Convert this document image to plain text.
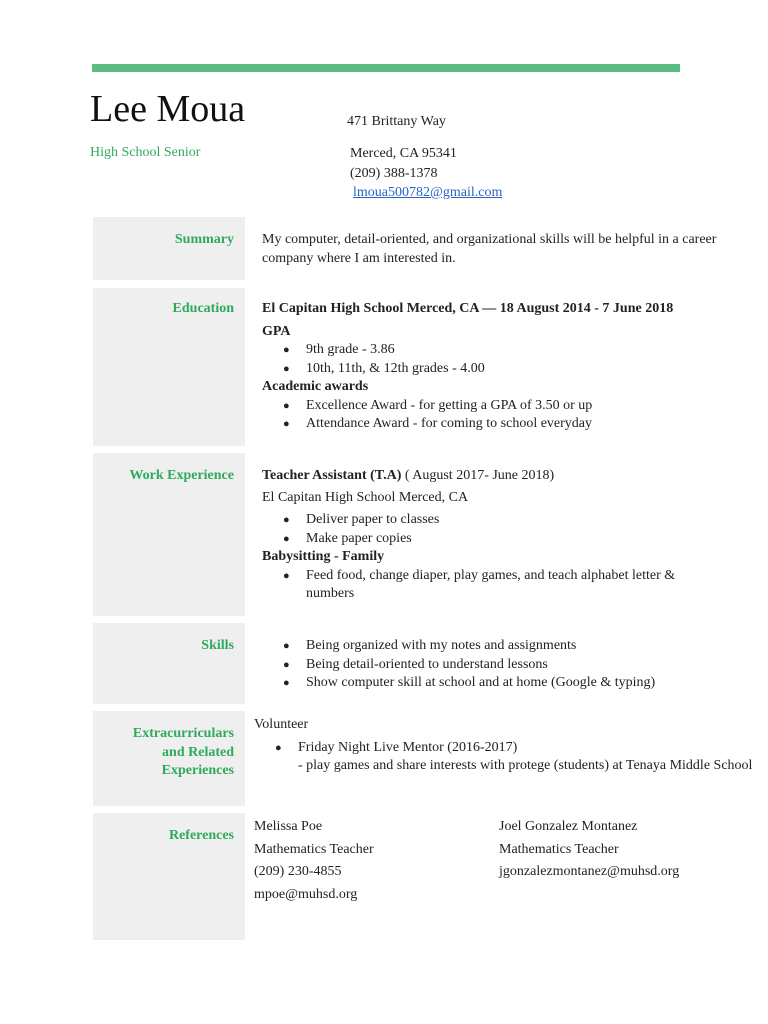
Lee Moua
High School Senior
471 Brittany Way
Merced, CA 95341
(209) 388-1378
lmoua500782@gmail.com
Summary	My computer, detail-oriented, and organizational skills will be helpful in a career company where I am interested in.

Education	El Capitan High School Merced, CA — 18 August 2014 - 7 June 2018

GPA

● 9th grade - 3.86
● 10th, 11th, & 12th grades - 4.00

Academic awards

● Excellence Award - for getting a GPA of 3.50 or up
● Attendance Award - for coming to school everyday
Work Experience	Teacher Assistant (T.A) ( August 2017- June 2018)

El Capitan High School Merced, CA

● Deliver paper to classes
● Make paper copies

Babysitting - Family

● Feed food, change diaper, play games, and teach alphabet letter & numbers
Skills
●	Being organized with my notes and assignments
● Being detail-oriented to understand lessons
● Show computer skill at school and at home (Google & typing)
Extracurriculars
and Related
Experiences

Volunteer

● Friday Night Live Mentor (2016-2017)
- play games and share interests with protege (students) at Tenaya Middle School
References
Melissa Poe
Mathematics Teacher
(209) 230-4855
mpoe@muhsd.org
Joel Gonzalez Montanez
Mathematics Teacher
jgonzalezmontanez@muhsd.org
